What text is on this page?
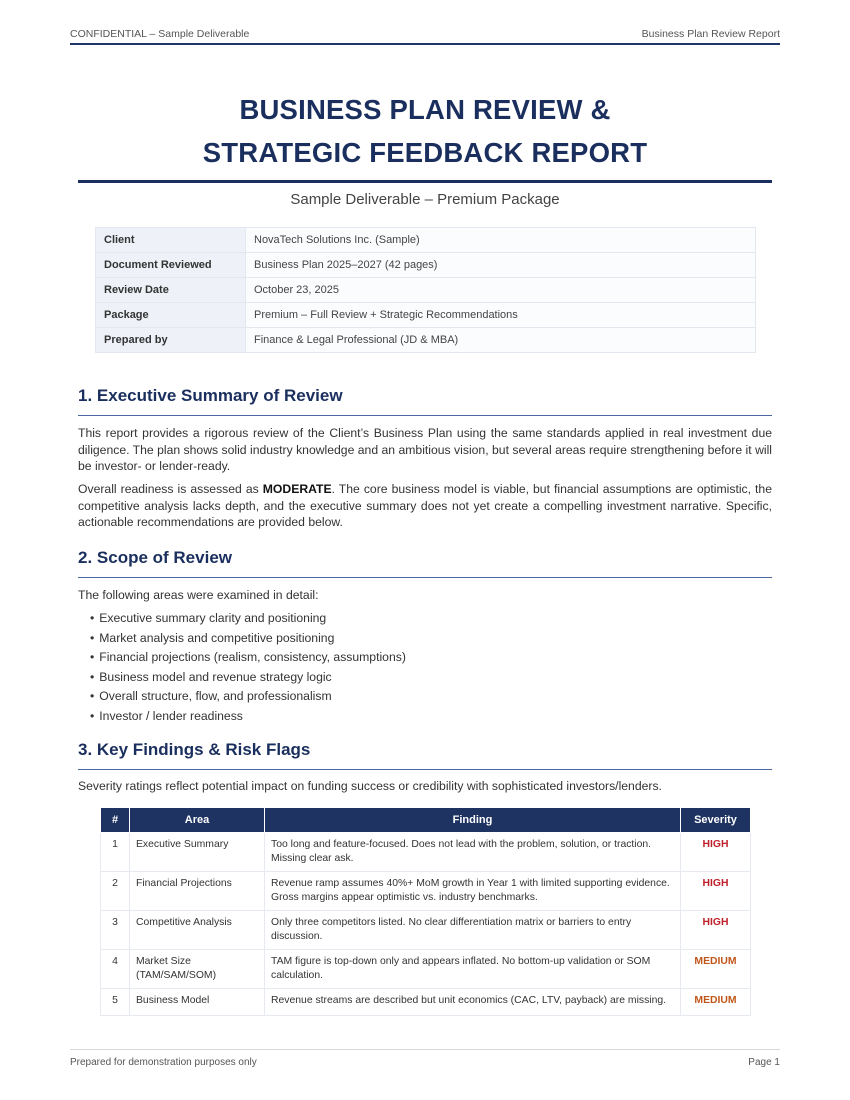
CONFIDENTIAL – Sample Deliverable	Business Plan Review Report
BUSINESS PLAN REVIEW &
STRATEGIC FEEDBACK REPORT
Sample Deliverable – Premium Package
Client	NovaTech Solutions Inc. (Sample)
Document Reviewed	Business Plan 2025–2027 (42 pages)
Review Date	October 23, 2025
Package	Premium – Full Review + Strategic Recommendations
Prepared by	Finance & Legal Professional (JD & MBA)
1. Executive Summary of Review
This report provides a rigorous review of the Client’s Business Plan using the same standards applied in real investment due diligence. The plan shows solid industry knowledge and an ambitious vision, but several areas require strengthening before it will be investor- or lender-ready.
Overall readiness is assessed as MODERATE. The core business model is viable, but financial assumptions are optimistic, the competitive analysis lacks depth, and the executive summary does not yet create a compelling investment narrative. Specific, actionable recommendations are provided below.
2. Scope of Review
The following areas were examined in detail:
• Executive summary clarity and positioning
• Market analysis and competitive positioning
• Financial projections (realism, consistency, assumptions)
• Business model and revenue strategy logic
• Overall structure, flow, and professionalism
• Investor / lender readiness
3. Key Findings & Risk Flags
Severity ratings reflect potential impact on funding success or credibility with sophisticated investors/lenders.
#	Area	Finding	Severity
1	Executive Summary	Too long and feature-focused. Does not lead with the problem, solution, or traction. Missing clear ask.	HIGH
2	Financial Projections	Revenue ramp assumes 40%+ MoM growth in Year 1 with limited supporting evidence. Gross margins appear optimistic vs. industry benchmarks.	HIGH
3	Competitive Analysis	Only three competitors listed. No clear differentiation matrix or barriers to entry discussion.	HIGH
4	Market Size (TAM/SAM/SOM)	TAM figure is top-down only and appears inflated. No bottom-up validation or SOM calculation.	MEDIUM
5	Business Model	Revenue streams are described but unit economics (CAC, LTV, payback) are missing.	MEDIUM
Prepared for demonstration purposes only	Page 1
